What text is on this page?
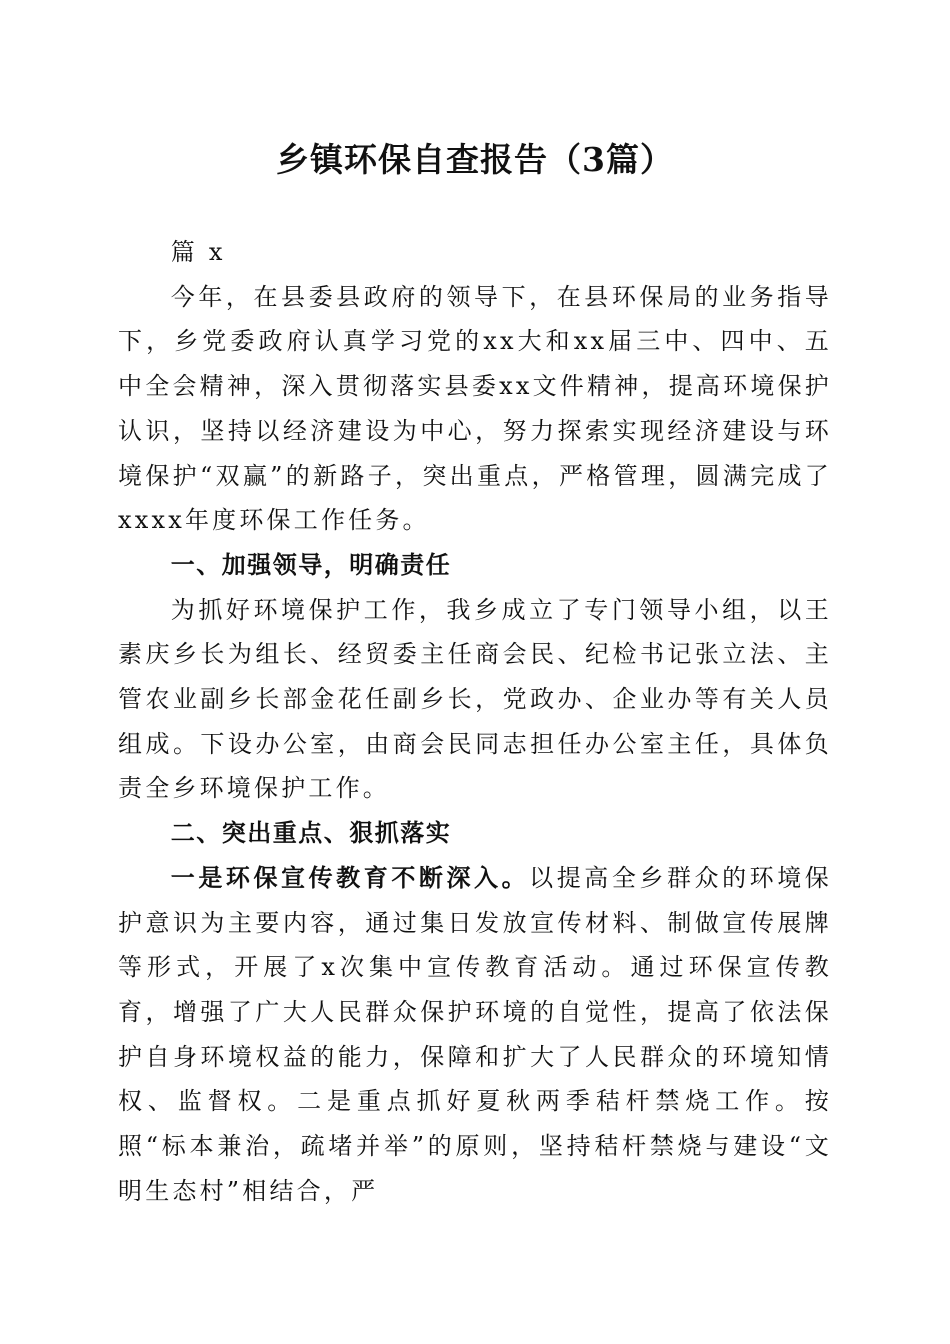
乡镇环保自查报告（3篇）

篇 x

今年，在县委县政府的领导下，在县环保局的业务指导下，乡党委政府认真学习党的xx大和xx届三中、四中、五中全会精神，深入贯彻落实县委xx文件精神，提高环境保护认识，坚持以经济建设为中心，努力探索实现经济建设与环境保护“双赢”的新路子，突出重点，严格管理，圆满完成了xxxx年度环保工作任务。

一、加强领导，明确责任

为抓好环境保护工作，我乡成立了专门领导小组，以王素庆乡长为组长、经贸委主任商会民、纪检书记张立法、主管农业副乡长部金花任副乡长，党政办、企业办等有关人员组成。下设办公室，由商会民同志担任办公室主任，具体负责全乡环境保护工作。

二、突出重点、狠抓落实

一是环保宣传教育不断深入。以提高全乡群众的环境保护意识为主要内容，通过集日发放宣传材料、制做宣传展牌等形式，开展了x次集中宣传教育活动。通过环保宣传教育，增强了广大人民群众保护环境的自觉性，提高了依法保护自身环境权益的能力，保障和扩大了人民群众的环境知情权、监督权。二是重点抓好夏秋两季秸杆禁烧工作。按照“标本兼治，疏堵并举”的原则，坚持秸杆禁烧与建设“文明生态村”相结合，严
